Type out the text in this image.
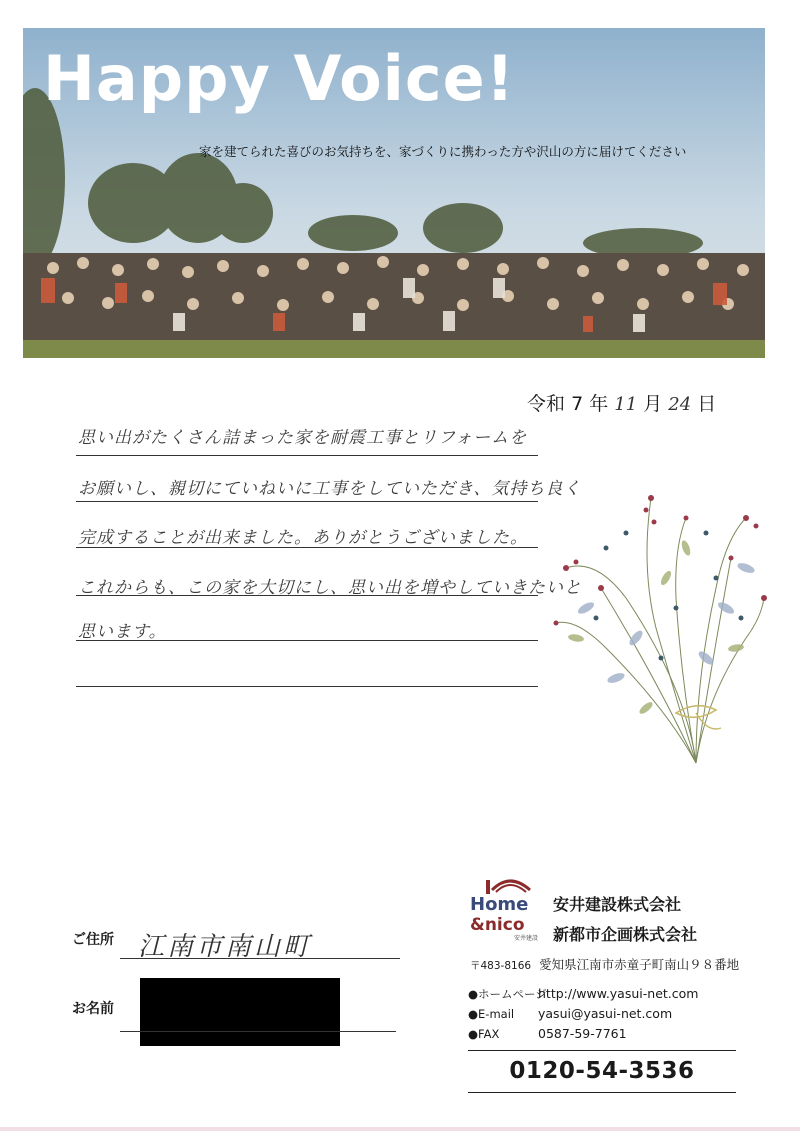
Happy Voice!
家を建てられた喜びのお気持ちを、家づくりに携わった方や沢山の方に届けてください
令和 7 年 11 月 24 日
思い出がたくさん詰まった家を耐震工事とリフォームを
お願いし、親切にていねいに工事をしていただき、気持ち良く
完成することが出来ました。ありがとうございました。
これからも、この家を大切にし、思い出を増やしていきたいと
思います。
ご住所 江南市南山町
お名前
Home
&nico
安井建設
安井建設株式会社
新都市企画株式会社
〒483-8166 愛知県江南市赤童子町南山９８番地
●ホームページhttp://www.yasui-net.com
●E-mail yasui@yasui-net.com
●FAX	0587-59-7761
0120-54-3536
